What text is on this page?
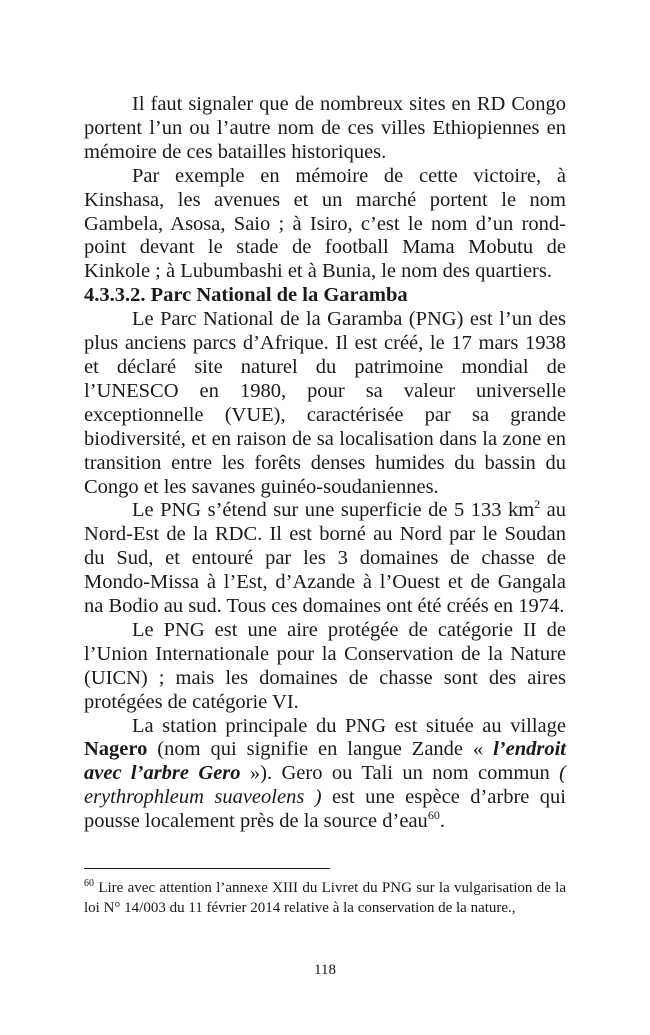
Il faut signaler que de nombreux sites en RD Congo portent l’un ou l’autre nom de ces villes Ethiopiennes en mémoire de ces batailles historiques.

Par exemple en mémoire de cette victoire, à Kinshasa, les avenues et un marché portent le nom Gambela, Asosa, Saio ; à Isiro, c’est le nom d’un rond-point devant le stade de football Mama Mobutu de Kinkole ; à Lubumbashi et à Bunia, le nom des quartiers.

4.3.3.2. Parc National de la Garamba

Le Parc National de la Garamba (PNG) est l’un des plus anciens parcs d’Afrique. Il est créé, le 17 mars 1938 et déclaré site naturel du patrimoine mondial de l’UNESCO en 1980, pour sa valeur universelle exceptionnelle (VUE), caractérisée par sa grande biodiversité, et en raison de sa localisation dans la zone en transition entre les forêts denses humides du bassin du Congo et les savanes guinéo-soudaniennes.

Le PNG s’étend sur une superficie de 5 133 $km^2$ au Nord-Est de la RDC. Il est borné au Nord par le Soudan du Sud, et entouré par les 3 domaines de chasse de Mondo-Missa à l’Est, d’Azande à l’Ouest et de Gangala na Bodio au sud. Tous ces domaines ont été créés en 1974.

Le PNG est une aire protégée de catégorie II de l’Union Internationale pour la Conservation de la Nature (UICN) ; mais les domaines de chasse sont des aires protégées de catégorie VI.

La station principale du PNG est située au village Nagero (nom qui signifie en langue Zande « l’endroit avec l’arbre Gero »). Gero ou Tali un nom commun ( erythrophleum suaveolens ) est une espèce d’arbre qui pousse localement près de la source d’eau$^{60}$.

$^{60}$ Lire avec attention l’annexe XIII du Livret du PNG sur la vulgarisation de la loi N° 14/003 du 11 février 2014 relative à la conservation de la nature.,
118
